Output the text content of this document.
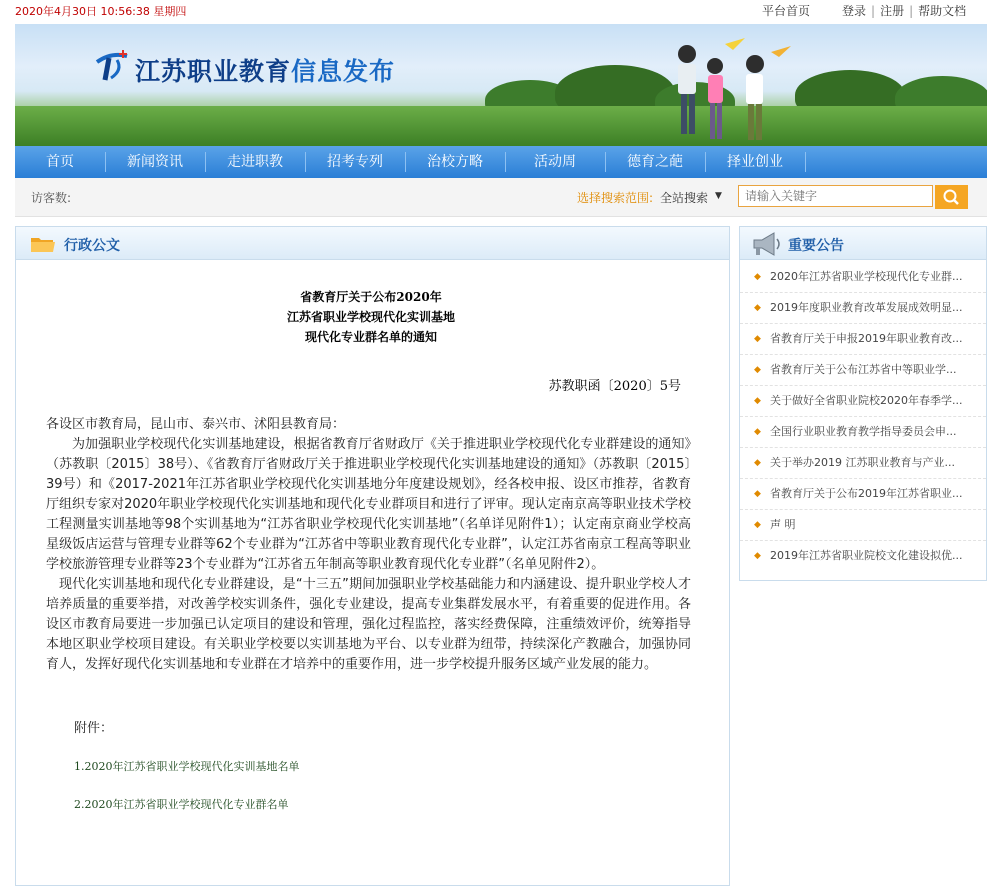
2020年4月30日 10:56:38 星期四	平台首页	登录 | 注册 | 帮助文档
江苏职业教育信息发布
首页	新闻资讯	走进职教	招考专列	治校方略	活动周	德育之葩	择业创业
访客数:	选择搜索范围: 全站搜索 ▼
请输入关键字
行政公文
省教育厅关于公布2020年
江苏省职业学校现代化实训基地
现代化专业群名单的通知
苏教职函〔2020〕5号

各设区市教育局，昆山市、泰兴市、沭阳县教育局：

为加强职业学校现代化实训基地建设，根据省教育厅省财政厅《关于推进职业学校现代化专业群建设的通知》（苏教职〔2015〕38号）、《省教育厅省财政厅关于推进职业学校现代化实训基地建设的通知》（苏教职〔2015〕39号）和《2017-2021年江苏省职业学校现代化实训基地分年度建设规划》，经各校申报、设区市推荐，省教育厅组织专家对2020年职业学校现代化实训基地和现代化专业群项目和进行了评审。现认定南京高等职业技术学校工程测量实训基地等98个实训基地为“江苏省职业学校现代化实训基地”（名单详见附件1）；认定南京商业学校高星级饭店运营与管理专业群等62个专业群为“江苏省中等职业教育现代化专业群”，认定江苏省南京工程高等职业学校旅游管理专业群等23个专业群为“江苏省五年制高等职业教育现代化专业群”（名单见附件2）。

现代化实训基地和现代化专业群建设，是“十三五”期间加强职业学校基础能力和内涵建设、提升职业学校人才培养质量的重要举措，对改善学校实训条件，强化专业建设，提高专业集群发展水平，有着重要的促进作用。各设区市教育局要进一步加强已认定项目的建设和管理，强化过程监控，落实经费保障，注重绩效评价，统筹指导本地区职业学校项目建设。有关职业学校要以实训基地为平台、以专业群为纽带，持续深化产教融合，加强协同育人，发挥好现代化实训基地和专业群在才培养中的重要作用，进一步学校提升服务区域产业发展的能力。

附件：
1.2020年江苏省职业学校现代化实训基地名单
2.2020年江苏省职业学校现代化专业群名单
重要公告
◆ 2020年江苏省职业学校现代化专业群...
◆ 2019年度职业教育改革发展成效明显...
◆ 省教育厅关于申报2019年职业教育改...
◆ 省教育厅关于公布江苏省中等职业学...
◆ 关于做好全省职业院校2020年春季学...
◆ 全国行业职业教育教学指导委员会申...
◆ 关于举办2019 江苏职业教育与产业...
◆ 省教育厅关于公布2019年江苏省职业...
◆ 声 明
◆ 2019年江苏省职业院校文化建设拟优...
